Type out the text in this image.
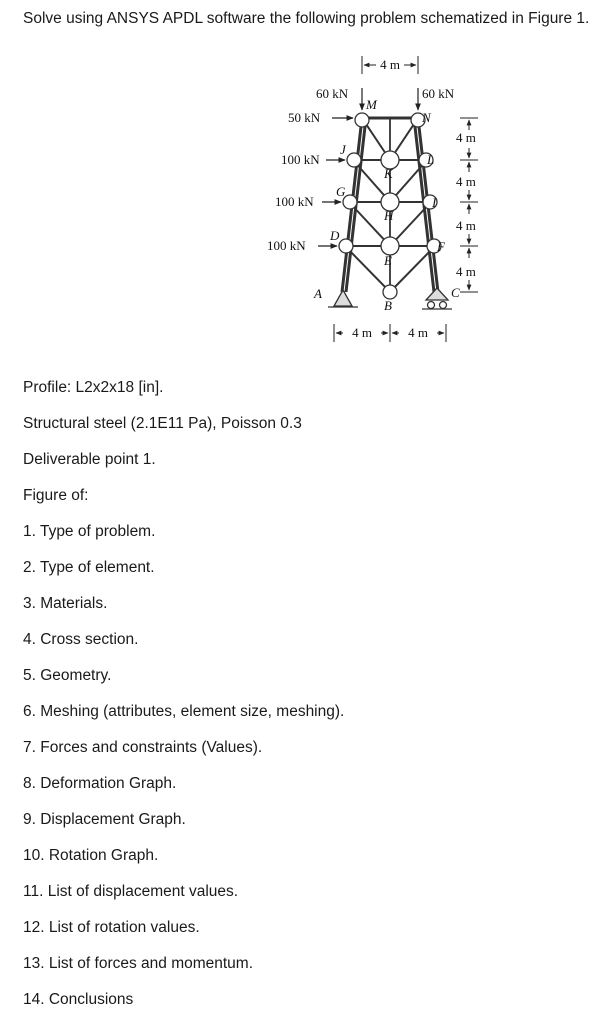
Solve using ANSYS APDL software the following problem schematized in Figure 1.
4 m
60 kN	60 kN
50 kN
100 kN
100 kN
100 kN
M
N
J
K
L
G
H
I
D
E
F
A
B
C
4 m
4 m
4 m
4 m
4 m	4 m
Profile: L2x2x18 [in].
Structural steel (2.1E11 Pa), Poisson 0.3
Deliverable point 1.
Figure of:
1. Type of problem.
2. Type of element.
3. Materials.
4. Cross section.
5. Geometry.
6. Meshing (attributes, element size, meshing).
7. Forces and constraints (Values).
8. Deformation Graph.
9. Displacement Graph.
10. Rotation Graph.
11. List of displacement values.
12. List of rotation values.
13. List of forces and momentum.
14. Conclusions
